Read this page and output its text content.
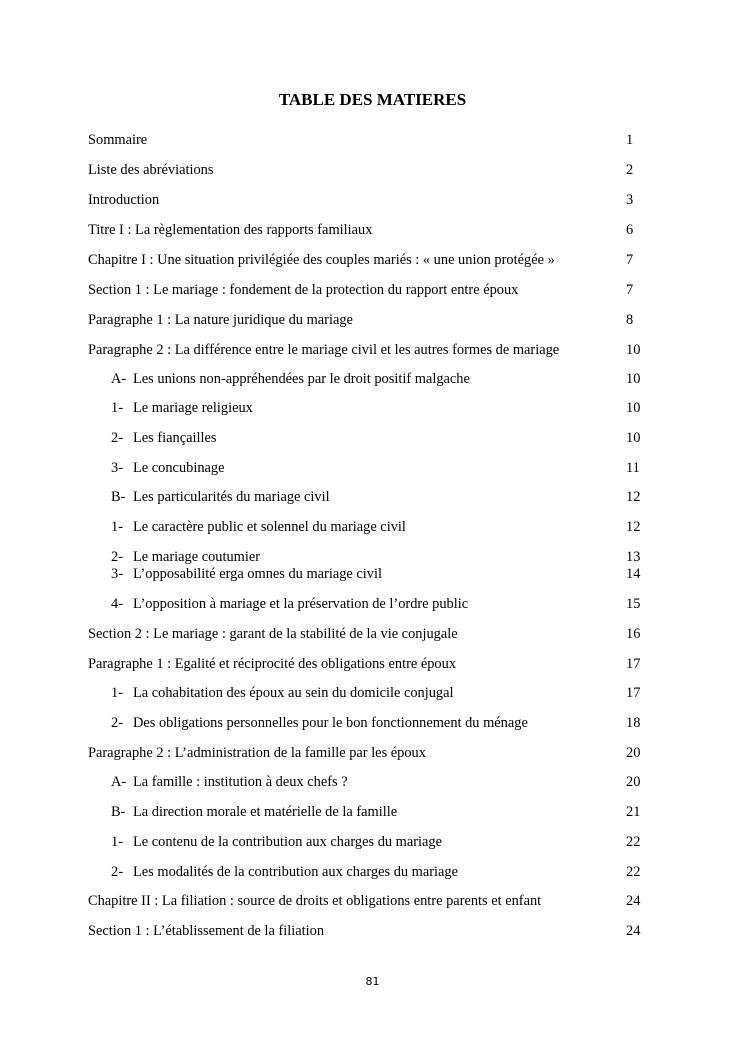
TABLE DES MATIERES
Sommaire	1
Liste des abréviations	2
Introduction	3
Titre I : La règlementation des rapports familiaux	6
Chapitre I : Une situation privilégiée des couples mariés : « une union protégée »	7
Section 1 : Le mariage : fondement de la protection du rapport entre époux	7
Paragraphe 1 : La nature juridique du mariage	8
Paragraphe 2 : La différence entre le mariage civil et les autres formes de mariage	10
A- Les unions non-appréhendées par le droit positif malgache	10
1- Le mariage religieux	10
2- Les fiançailles	10
3- Le concubinage	11
B- Les particularités du mariage civil	12
1- Le caractère public et solennel du mariage civil	12
2- Le mariage coutumier	13
3- L’opposabilité erga omnes du mariage civil	14
4- L’opposition à mariage et la préservation de l’ordre public	15
Section 2 : Le mariage : garant de la stabilité de la vie conjugale	16
Paragraphe 1 : Egalité et réciprocité des obligations entre époux	17
1- La cohabitation des époux au sein du domicile conjugal	17
2- Des obligations personnelles pour le bon fonctionnement du ménage	18
Paragraphe 2 : L’administration de la famille par les époux	20
A- La famille : institution à deux chefs ?	20
B- La direction morale et matérielle de la famille	21
1- Le contenu de la contribution aux charges du mariage	22
2- Les modalités de la contribution aux charges du mariage	22
Chapitre II : La filiation : source de droits et obligations entre parents et enfant	24
Section 1 : L’établissement de la filiation	24
81
